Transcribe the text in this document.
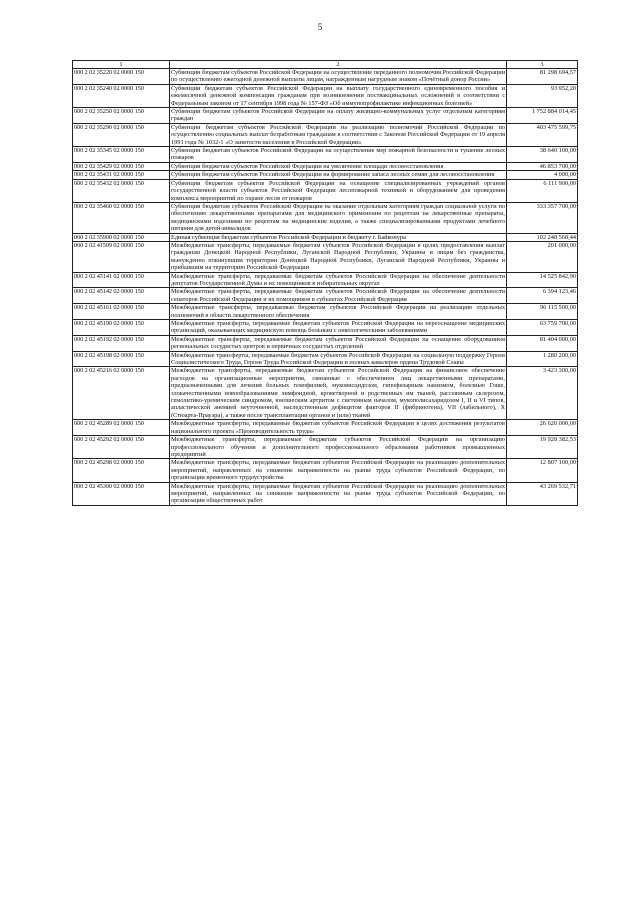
5
1	2	3
000 2 02 35220 02 0000 150	Субвенции бюджетам субъектов Российской Федерации на осуществление переданного полномочия Российской Федерации по осуществлению ежегодной денежной выплаты лицам, награжденным нагрудным знаком «Почётный донор России»	81 298 694,57
000 2 02 35240 02 0000 150	Субвенции бюджетам субъектов Российской Федерации на выплату государственного единовременного пособия и ежемесячной денежной компенсации гражданам при возникновении поствакцинальных осложнений в соответствии с Федеральным законом от 17 сентября 1998 года № 157-ФЗ «Об иммунопрофилактике инфекционных болезней»	93 952,20
000 2 02 35250 02 0000 150	Субвенции бюджетам субъектов Российской Федерации на оплату жилищно-коммунальных услуг отдельным категориям граждан	1 752 884 014,45
000 2 02 35290 02 0000 150	Субвенции бюджетам субъектов Российской Федерации на реализацию полномочий Российской Федерации по осуществлению социальных выплат безработным гражданам в соответствии с Законом Российской Федерации от 19 апреля 1991 года № 1032-1 «О занятости населения в Российской Федерации»	403 475 599,75
000 2 02 35345 02 0000 150	Субвенции бюджетам субъектов Российской Федерации на осуществление мер пожарной безопасности и тушение лесных пожаров	38 640 100,00
000 2 02 35429 02 0000 150	Субвенции бюджетам субъектов Российской Федерации на увеличение площади лесовосстановления	46 853 700,00
000 2 02 35431 02 0000 150	Субвенции бюджетам субъектов Российской Федерации на формирование запаса лесных семян для лесовосстановления	4 000,00
000 2 02 35432 02 0000 150	Субвенции бюджетам субъектов Российской Федерации на оснащение специализированных учреждений органов государственной власти субъектов Российской Федерации лесопожарной техникой и оборудованием для проведения комплекса мероприятий по охране лесов от пожаров	6 111 900,00
000 2 02 35460 02 0000 150	Субвенции бюджетам субъектов Российской Федерации на оказание отдельным категориям граждан социальной услуги по обеспечению лекарственными препаратами для медицинского применения по рецептам на лекарственные препараты, медицинскими изделиями по рецептам на медицинские изделия, а также специализированными продуктами лечебного питания для детей-инвалидов	333 357 700,00
000 2 02 35900 02 0000 150	Единая субвенция бюджетам субъектов Российской Федерации и бюджету г. Байконура	102 248 560,44
000 2 02 41509 02 0000 150	Межбюджетные трансферты, передаваемые бюджетам субъектов Российской Федерации в целях предоставления выплат гражданам Донецкой Народной Республики, Луганской Народной Республики, Украины и лицам без гражданства, вынужденно покинувшим территории Донецкой Народной Республики, Луганской Народной Республики, Украины и прибывшим на территорию Российской Федерации	201 000,00
000 2 02 45141 02 0000 150	Межбюджетные трансферты, передаваемые бюджетам субъектов Российской Федерации на обеспечение деятельности депутатов Государственной Думы и их помощников в избирательных округах	14 525 842,90
000 2 02 45142 02 0000 150	Межбюджетные трансферты, передаваемые бюджетам субъектов Российской Федерации на обеспечение деятельности сенаторов Российской Федерации и их помощников в субъектах Российской Федерации	6 394 123,46
000 2 02 45161 02 0000 150	Межбюджетные трансферты, передаваемые бюджетам субъектов Российской Федерации на реализацию отдельных полномочий в области лекарственного обеспечения	96 115 500,00
000 2 02 45190 02 0000 150	Межбюджетные трансферты, передаваемые бюджетам субъектов Российской Федерации на переоснащение медицинских организаций, оказывающих медицинскую помощь больным с онкологическими заболеваниями	63 759 700,00
000 2 02 45192 02 0000 150	Межбюджетные трансферты, передаваемые бюджетам субъектов Российской Федерации на оснащение оборудованием региональных сосудистых центров и первичных сосудистых отделений	81 404 000,00
000 2 02 45198 02 0000 150	Межбюджетные трансферты, передаваемые бюджетам субъектов Российской Федерации на социальную поддержку Героев Социалистического Труда, Героев Труда Российской Федерации и полных кавалеров ордена Трудовой Славы	1 280 200,00
000 2 02 45216 02 0000 150	Межбюджетные трансферты, передаваемые бюджетам субъектов Российской Федерации на финансовое обеспечение расходов на организационные мероприятия, связанные с обеспечением лиц лекарственными препаратами, предназначенными для лечения больных гемофилией, муковисцидозом, гипофизарным нанизмом, болезнью Гоше, злокачественными новообразованиями лимфоидной, кроветворной и родственных им тканей, рассеянным склерозом, гемолитико-уремическим синдромом, юношеским артритом с системным началом, мукополисахаридозом I, II и VI типов, апластической анемией неуточненной, наследственным дефицитом факторов II (фибриногена), VII (лабильного), X (Стюарта-Прауэра), а также после трансплантации органов и (или) тканей	3 423 300,00
000 2 02 45289 02 0000 150	Межбюджетные трансферты, передаваемые бюджетам субъектов Российской Федерации в целях достижения результатов национального проекта «Производительность труда»	26 620 000,00
000 2 02 45292 02 0000 150	Межбюджетные трансферты, передаваемые бюджетам субъектов Российской Федерации на организацию профессионального обучения и дополнительного профессионального образования работников промышленных предприятий	19 928 382,53
000 2 02 45298 02 0000 150	Межбюджетные трансферты, передаваемые бюджетам субъектов Российской Федерации на реализацию дополнительных мероприятий, направленных на снижение напряженности на рынке труда субъектов Российской Федерации, по организации временного трудоустройства	12 807 100,00
000 2 02 45300 02 0000 150	Межбюджетные трансферты, передаваемые бюджетам субъектов Российской Федерации на реализацию дополнительных мероприятий, направленных на снижение напряженности на рынке труда субъектов Российской Федерации, по организации общественных работ	43 269 532,71
